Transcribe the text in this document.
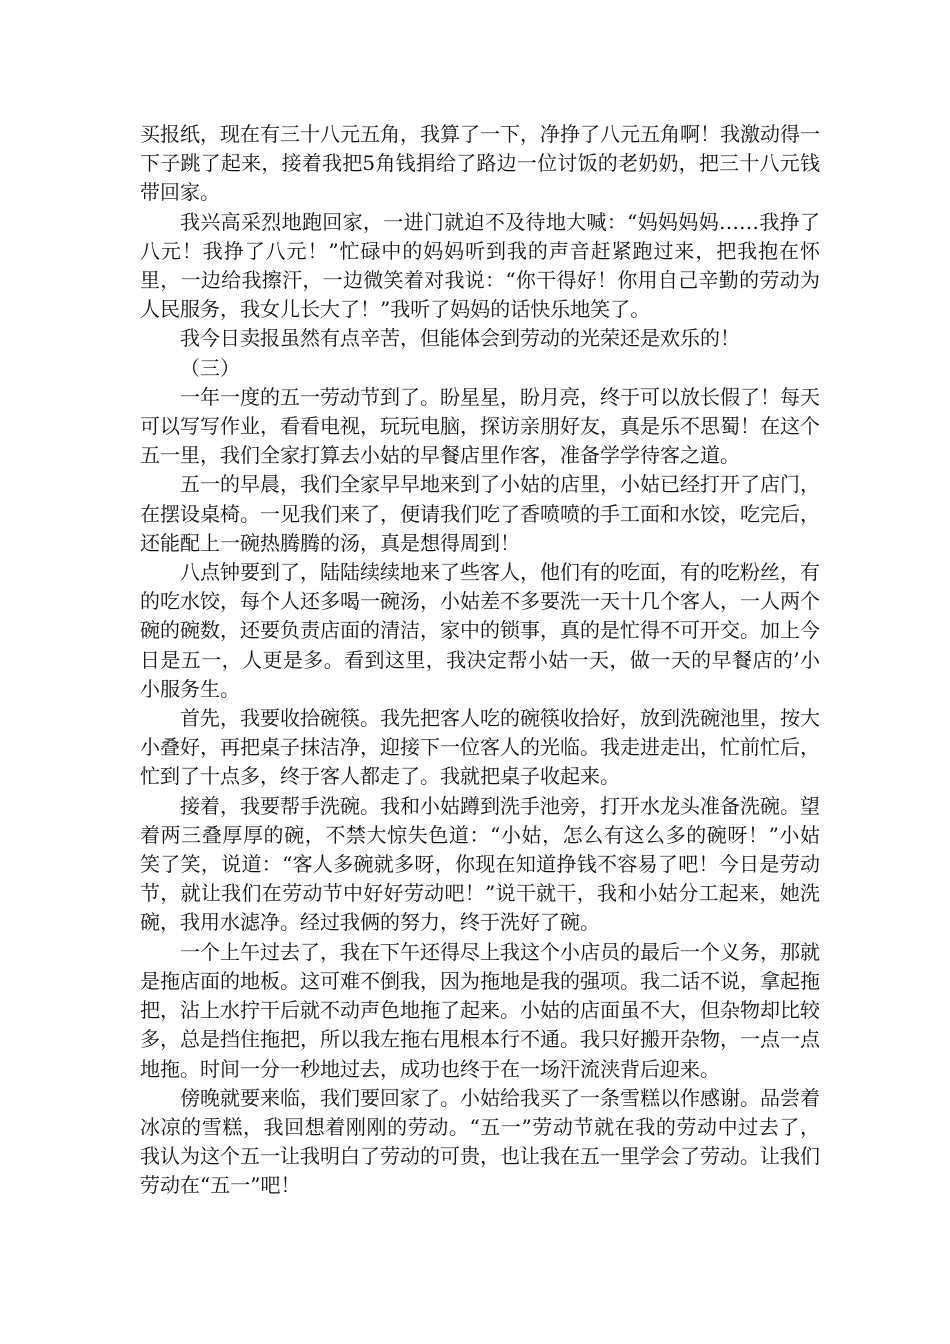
买报纸，现在有三十八元五角，我算了一下，净挣了八元五角啊！我激动得一下子跳了起来，接着我把5角钱捐给了路边一位讨饭的老奶奶，把三十八元钱带回家。

我兴高采烈地跑回家，一进门就迫不及待地大喊：“妈妈妈妈……我挣了八元！我挣了八元！”忙碌中的妈妈听到我的声音赶紧跑过来，把我抱在怀里，一边给我擦汗，一边微笑着对我说：“你干得好！你用自己辛勤的劳动为人民服务，我女儿长大了！”我听了妈妈的话快乐地笑了。

我今日卖报虽然有点辛苦，但能体会到劳动的光荣还是欢乐的！

（三）

一年一度的五一劳动节到了。盼星星，盼月亮，终于可以放长假了！每天可以写写作业，看看电视，玩玩电脑，探访亲朋好友，真是乐不思蜀！在这个五一里，我们全家打算去小姑的早餐店里作客，准备学学待客之道。

五一的早晨，我们全家早早地来到了小姑的店里，小姑已经打开了店门，在摆设桌椅。一见我们来了，便请我们吃了香喷喷的手工面和水饺，吃完后，还能配上一碗热腾腾的汤，真是想得周到！

八点钟要到了，陆陆续续地来了些客人，他们有的吃面，有的吃粉丝，有的吃水饺，每个人还多喝一碗汤，小姑差不多要洗一天十几个客人，一人两个碗的碗数，还要负责店面的清洁，家中的锁事，真的是忙得不可开交。加上今日是五一，人更是多。看到这里，我决定帮小姑一天，做一天的早餐店的’小小服务生。

首先，我要收拾碗筷。我先把客人吃的碗筷收拾好，放到洗碗池里，按大小叠好，再把桌子抹洁净，迎接下一位客人的光临。我走进走出，忙前忙后，忙到了十点多，终于客人都走了。我就把桌子收起来。

接着，我要帮手洗碗。我和小姑蹲到洗手池旁，打开水龙头准备洗碗。望着两三叠厚厚的碗，不禁大惊失色道：“小姑，怎么有这么多的碗呀！”小姑笑了笑，说道：“客人多碗就多呀，你现在知道挣钱不容易了吧！今日是劳动节，就让我们在劳动节中好好劳动吧！”说干就干，我和小姑分工起来，她洗碗，我用水滤净。经过我俩的努力，终于洗好了碗。

一个上午过去了，我在下午还得尽上我这个小店员的最后一个义务，那就是拖店面的地板。这可难不倒我，因为拖地是我的强项。我二话不说，拿起拖把，沾上水拧干后就不动声色地拖了起来。小姑的店面虽不大，但杂物却比较多，总是挡住拖把，所以我左拖右甩根本行不通。我只好搬开杂物，一点一点地拖。时间一分一秒地过去，成功也终于在一场汗流浃背后迎来。

傍晚就要来临，我们要回家了。小姑给我买了一条雪糕以作感谢。品尝着冰凉的雪糕，我回想着刚刚的劳动。“五一”劳动节就在我的劳动中过去了，我认为这个五一让我明白了劳动的可贵，也让我在五一里学会了劳动。让我们劳动在“五一”吧！
